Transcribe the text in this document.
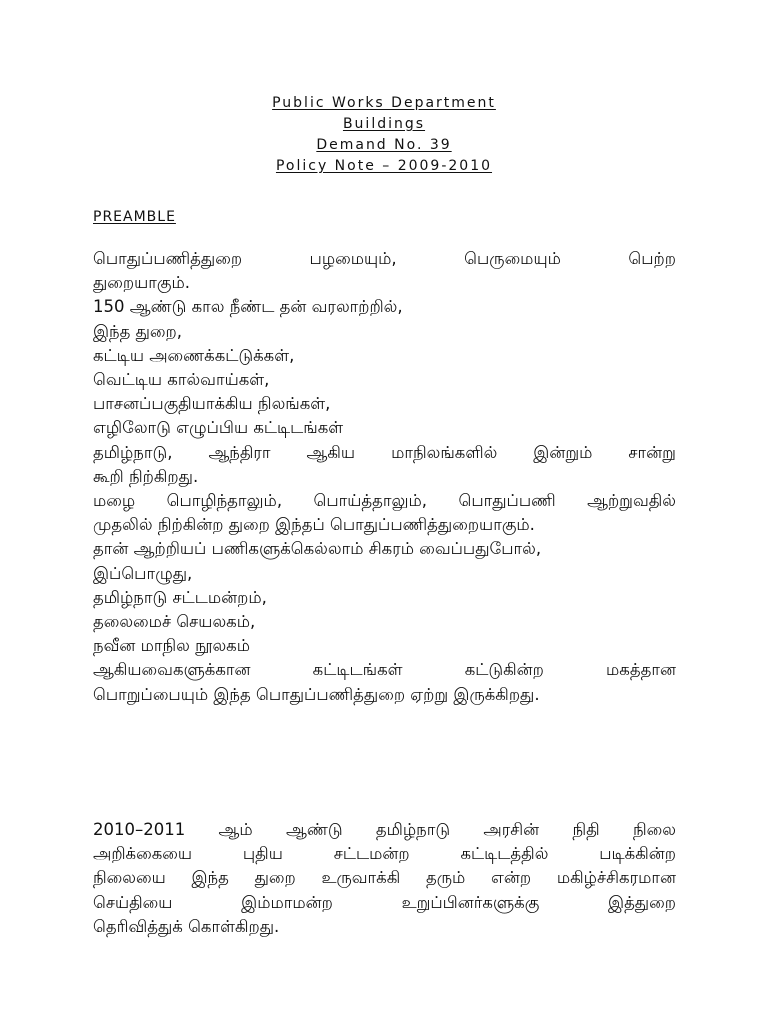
Public Works Department
Buildings
Demand No. 39
Policy Note – 2009-2010
PREAMBLE
பொதுப்பணித்துறை	பழமையும்,	பெருமையும்	பெற்ற
துறையாகும்.
150 ஆண்டு கால நீண்ட தன் வரலாற்றில்,
இந்த துறை,
கட்டிய அணைக்கட்டுக்கள்,
வெட்டிய கால்வாய்கள்,
பாசனப்பகுதியாக்கிய நிலங்கள்,
எழிலோடு எழுப்பிய கட்டிடங்கள்
தமிழ்நாடு, ஆந்திரா ஆகிய மாநிலங்களில் இன்றும் சான்று
கூறி நிற்கிறது.
மழை பொழிந்தாலும், பொய்த்தாலும், பொதுப்பணி ஆற்றுவதில்
முதலில் நிற்கின்ற துறை இந்தப் பொதுப்பணித்துறையாகும்.
தான் ஆற்றியப் பணிகளுக்கெல்லாம் சிகரம் வைப்பதுபோல்,
இப்பொழுது,
தமிழ்நாடு சட்டமன்றம்,
தலைமைச் செயலகம்,
நவீன மாநில நூலகம்
ஆகியவைகளுக்கான	கட்டிடங்கள்	கட்டுகின்ற	மகத்தான
பொறுப்பையும் இந்த பொதுப்பணித்துறை ஏற்று இருக்கிறது.
2010–2011 ஆம் ஆண்டு தமிழ்நாடு அரசின் நிதி நிலை
அறிக்கையை	புதிய	சட்டமன்ற	கட்டிடத்தில்	படிக்கின்ற
நிலையை இந்த துறை உருவாக்கி தரும் என்ற மகிழ்ச்சிகரமான
செய்தியை	இம்மாமன்ற	உறுப்பினர்களுக்கு	இத்துறை
தெரிவித்துக் கொள்கிறது.
